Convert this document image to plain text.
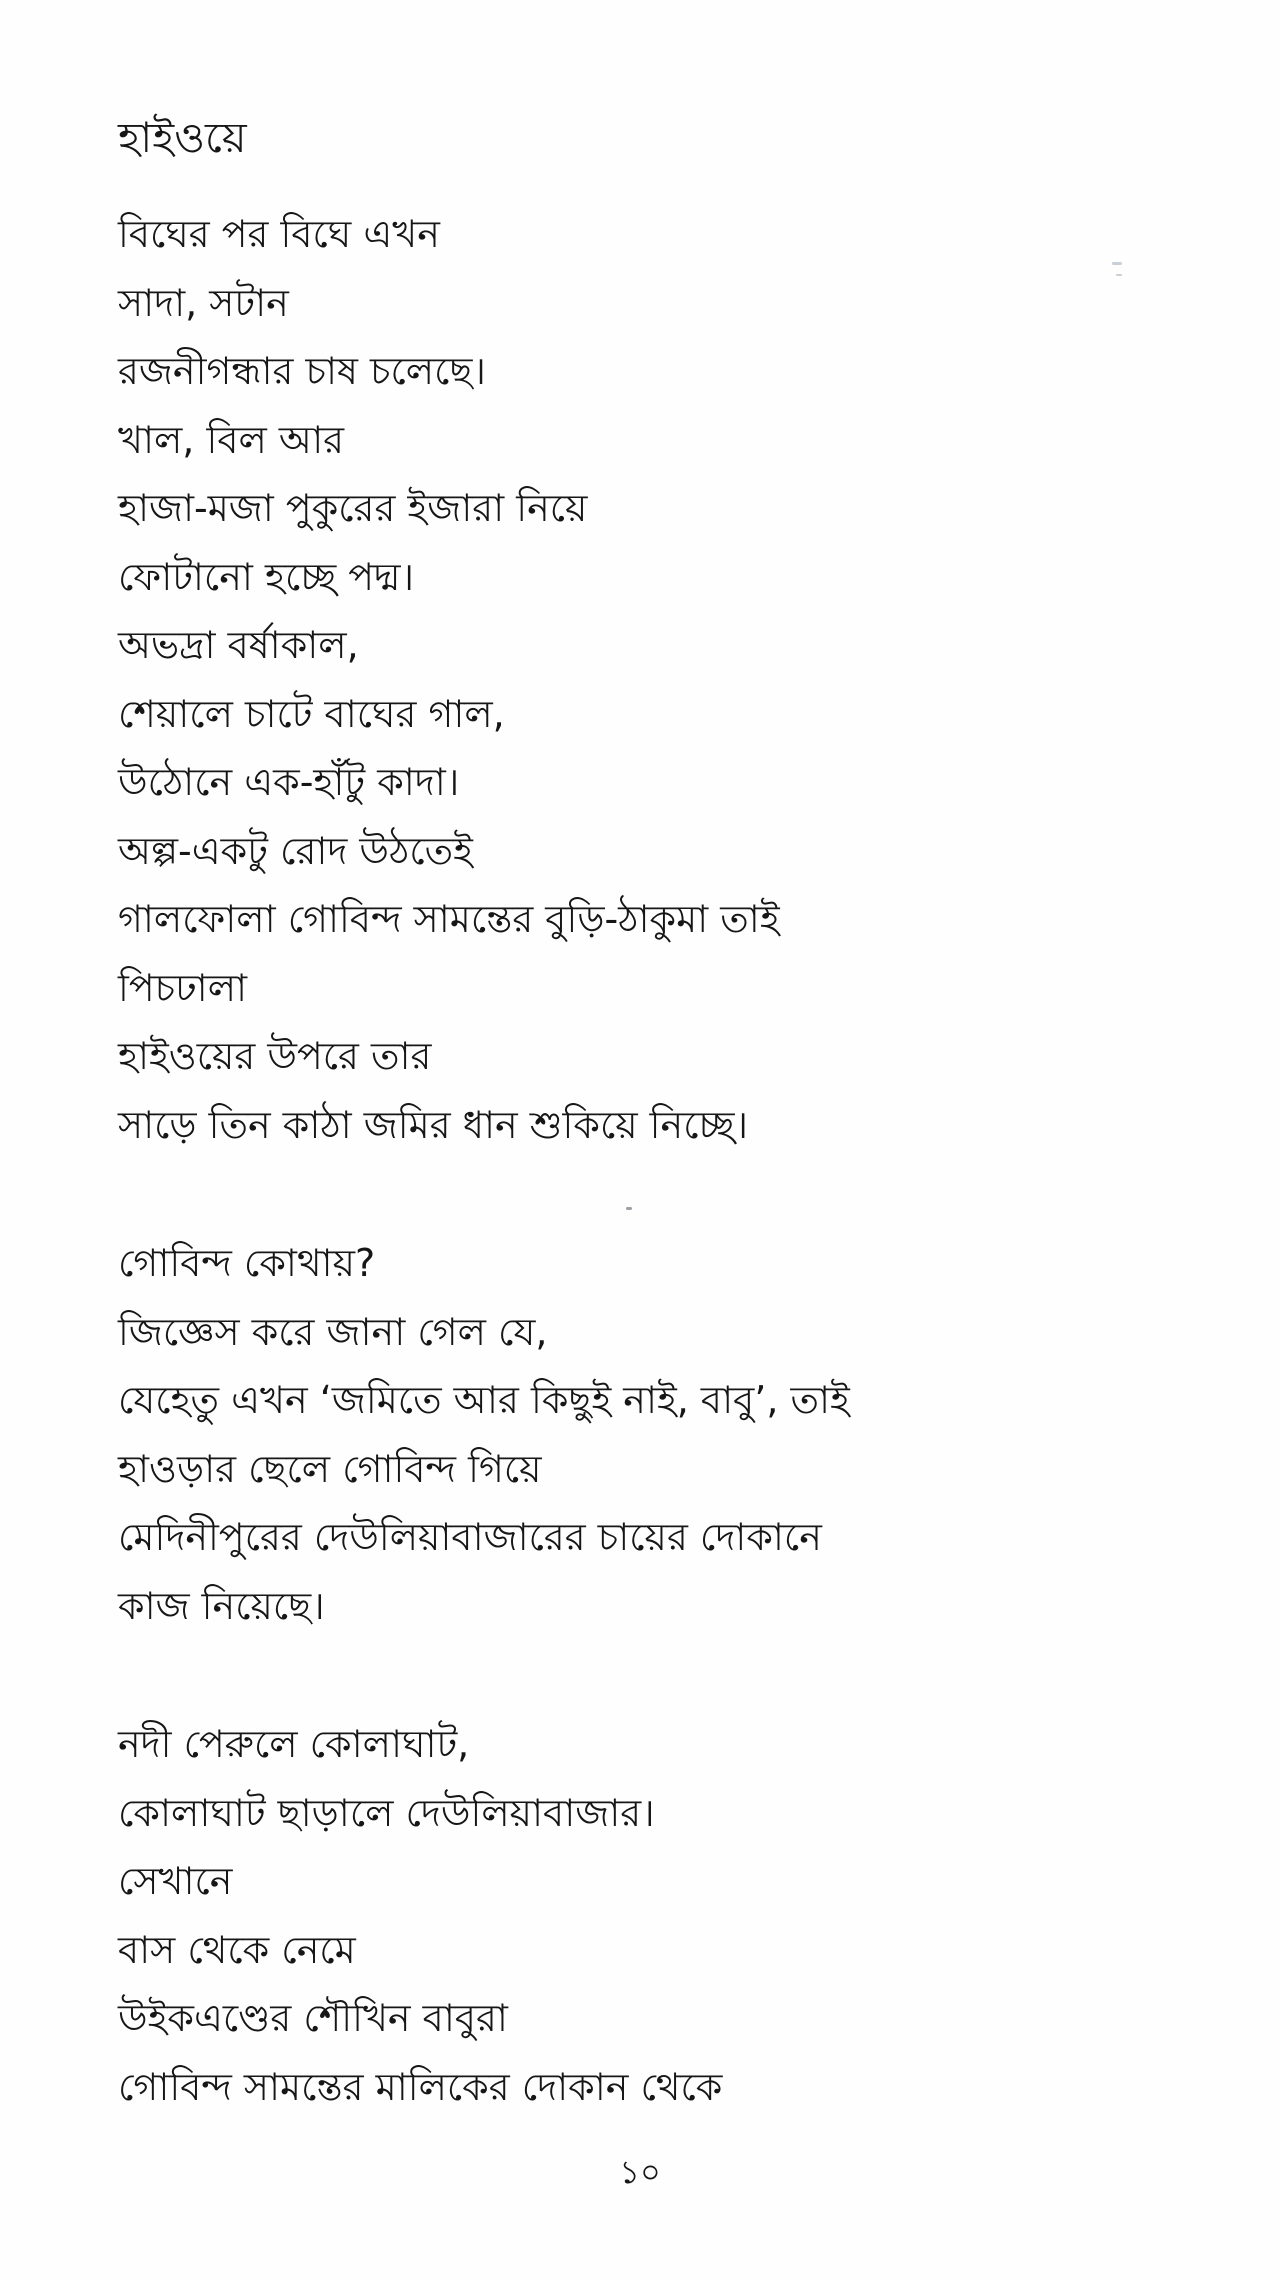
হাইওয়ে
বিঘের পর বিঘে এখন
সাদা, সটান
রজনীগন্ধার চাষ চলেছে।
খাল, বিল আর
হাজা-মজা পুকুরের ইজারা নিয়ে
ফোটানো হচ্ছে পদ্ম।
অভদ্রা বর্ষাকাল,
শেয়ালে চাটে বাঘের গাল,
উঠোনে এক-হাঁটু কাদা।
অল্প-একটু রোদ উঠতেই
গালফোলা গোবিন্দ সামন্তের বুড়ি-ঠাকুমা তাই
পিচঢালা
হাইওয়ের উপরে তার
সাড়ে তিন কাঠা জমির ধান শুকিয়ে নিচ্ছে।
গোবিন্দ কোথায়?
জিজ্ঞেস করে জানা গেল যে,
যেহেতু এখন ‘জমিতে আর কিছুই নাই, বাবু’, তাই
হাওড়ার ছেলে গোবিন্দ গিয়ে
মেদিনীপুরের দেউলিয়াবাজারের চায়ের দোকানে
কাজ নিয়েছে।
নদী পেরুলে কোলাঘাট,
কোলাঘাট ছাড়ালে দেউলিয়াবাজার।
সেখানে
বাস থেকে নেমে
উইকএণ্ডের শৌখিন বাবুরা
গোবিন্দ সামন্তের মালিকের দোকান থেকে
১০
